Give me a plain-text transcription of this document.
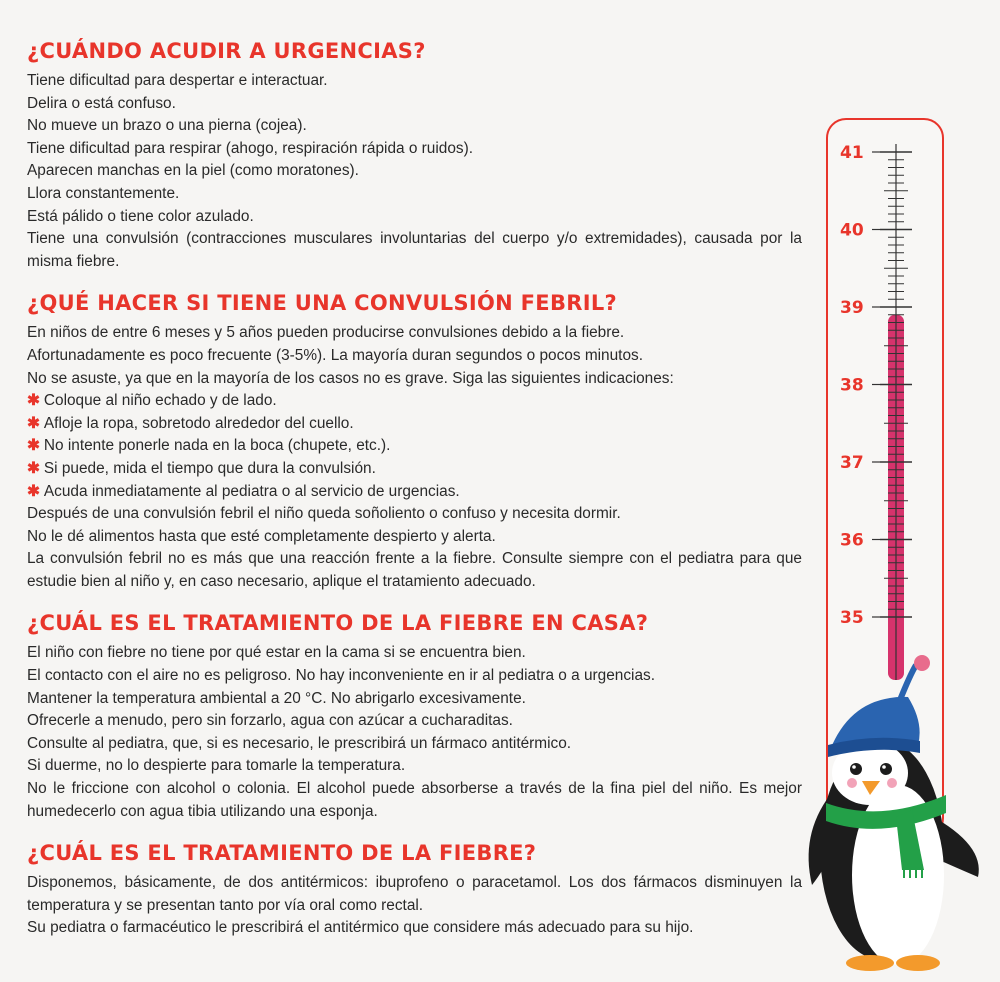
¿CUÁNDO ACUDIR A URGENCIAS?

Tiene dificultad para despertar e interactuar.

Delira o está confuso.

No mueve un brazo o una pierna (cojea).

Tiene dificultad para respirar (ahogo, respiración rápida o ruidos).

Aparecen manchas en la piel (como moratones).

Llora constantemente.

Está pálido o tiene color azulado.

Tiene una convulsión (contracciones musculares involuntarias del cuerpo y/o extremidades), causada por la misma fiebre.

¿QUÉ HACER SI TIENE UNA CONVULSIÓN FEBRIL?

En niños de entre 6 meses y 5 años pueden producirse convulsiones debido a la fiebre.

Afortunadamente es poco frecuente (3-5%). La mayoría duran segundos o pocos minutos.

No se asuste, ya que en la mayoría de los casos no es grave. Siga las siguientes indicaciones:

✱ Coloque al niño echado y de lado.

✱ Afloje la ropa, sobretodo alrededor del cuello.

✱ No intente ponerle nada en la boca (chupete, etc.).

✱ Si puede, mida el tiempo que dura la convulsión.

✱ Acuda inmediatamente al pediatra o al servicio de urgencias.

Después de una convulsión febril el niño queda soñoliento o confuso y necesita dormir.

No le dé alimentos hasta que esté completamente despierto y alerta.

La convulsión febril no es más que una reacción frente a la fiebre. Consulte siempre con el pediatra para que estudie bien al niño y, en caso necesario, aplique el tratamiento adecuado.

¿CUÁL ES EL TRATAMIENTO DE LA FIEBRE EN CASA?

El niño con fiebre no tiene por qué estar en la cama si se encuentra bien.

El contacto con el aire no es peligroso. No hay inconveniente en ir al pediatra o a urgencias.

Mantener la temperatura ambiental a 20 °C. No abrigarlo excesivamente.

Ofrecerle a menudo, pero sin forzarlo, agua con azúcar a cucharaditas.

Consulte al pediatra, que, si es necesario, le prescribirá un fármaco antitérmico.

Si duerme, no lo despierte para tomarle la temperatura.

No le friccione con alcohol o colonia. El alcohol puede absorberse a través de la fina piel del niño. Es mejor humedecerlo con agua tibia utilizando una esponja.

¿CUÁL ES EL TRATAMIENTO DE LA FIEBRE?

Disponemos, básicamente, de dos antitérmicos: ibuprofeno o paracetamol. Los dos fármacos disminuyen la temperatura y se presentan tanto por vía oral como rectal.

Su pediatra o farmacéutico le prescribirá el antitérmico que considere más adecuado para su hijo.

41
40
39
38
37
36
35
